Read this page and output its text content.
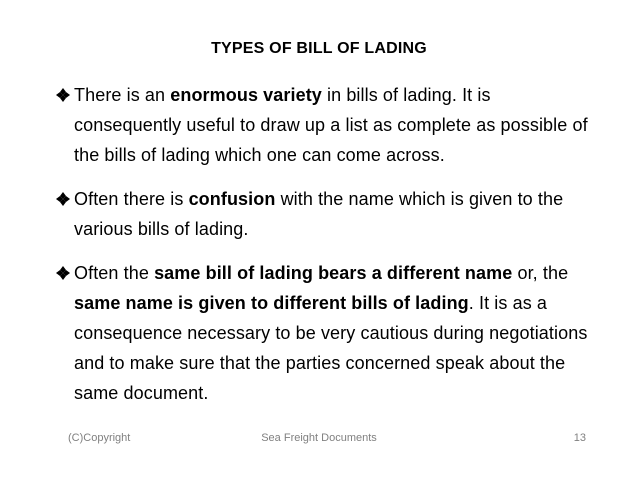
TYPES OF BILL OF LADING
There is an enormous variety in bills of lading. It is consequently useful to draw up a list as complete as possible of the bills of lading which one can come across.
Often there is confusion with the name which is given to the various bills of lading.
Often the same bill of lading bears a different name or, the same name is given to different bills of lading. It is as a consequence necessary to be very cautious during negotiations and to make sure that the parties concerned speak about the same document.
(C)Copyright	Sea Freight Documents	13
